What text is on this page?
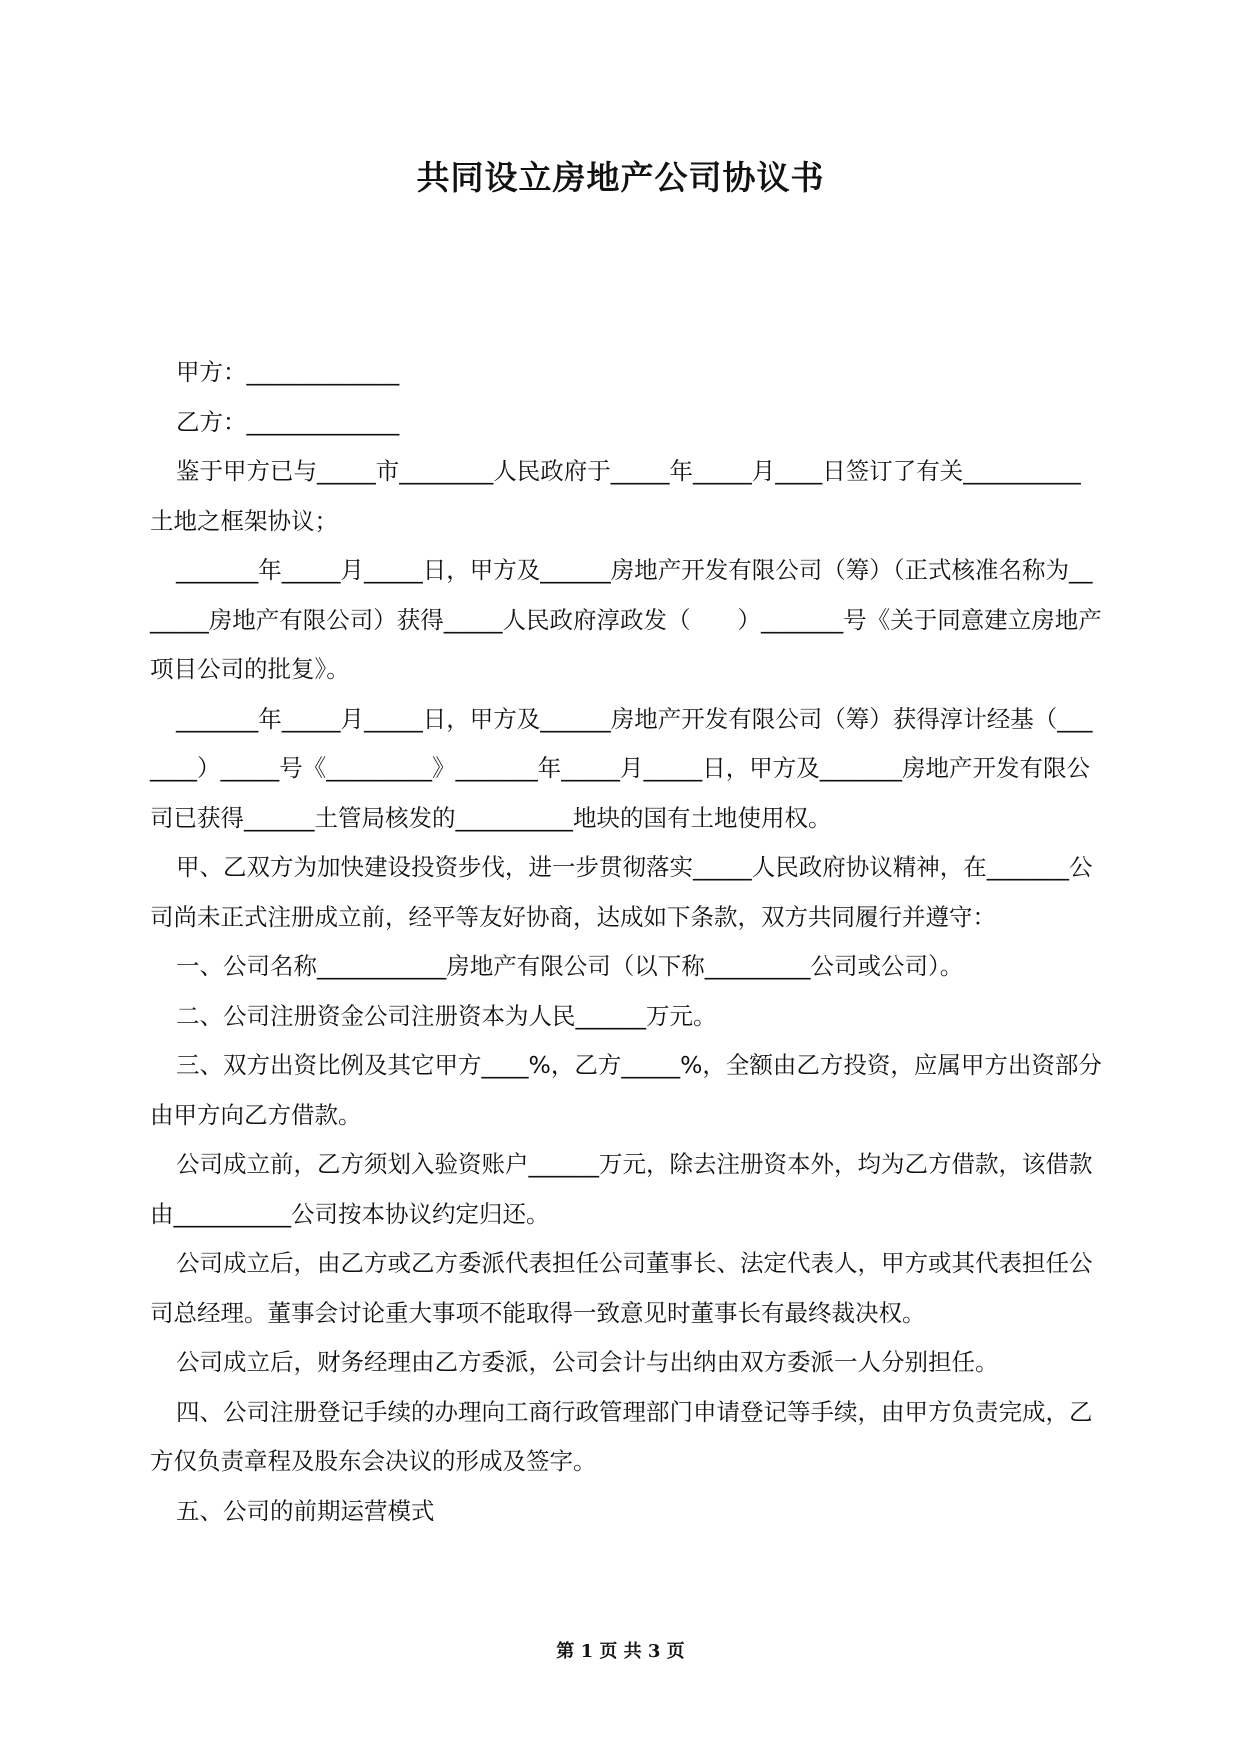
共同设立房地产公司协议书

甲方：_____________

乙方：_____________

鉴于甲方已与_____市________人民政府于_____年_____月____日签订了有关__________土地之框架协议；

_______年_____月_____日，甲方及______房地产开发有限公司（筹）（正式核准名称为_______房地产有限公司）获得_____人民政府淳政发（　　）_______号《关于同意建立房地产项目公司的批复》。

_______年_____月_____日，甲方及______房地产开发有限公司（筹）获得淳计经基（_______）_____号《_________》_______年_____月_____日，甲方及_______房地产开发有限公司已获得______土管局核发的__________地块的国有土地使用权。

甲、乙双方为加快建设投资步伐，进一步贯彻落实_____人民政府协议精神，在_______公司尚未正式注册成立前，经平等友好协商，达成如下条款，双方共同履行并遵守：

一、公司名称___________房地产有限公司（以下称_________公司或公司）。

二、公司注册资金公司注册资本为人民______万元。

三、双方出资比例及其它甲方____%，乙方_____%，全额由乙方投资，应属甲方出资部分由甲方向乙方借款。

公司成立前，乙方须划入验资账户______万元，除去注册资本外，均为乙方借款，该借款由__________公司按本协议约定归还。

公司成立后，由乙方或乙方委派代表担任公司董事长、法定代表人，甲方或其代表担任公司总经理。董事会讨论重大事项不能取得一致意见时董事长有最终裁决权。

公司成立后，财务经理由乙方委派，公司会计与出纳由双方委派一人分别担任。

四、公司注册登记手续的办理向工商行政管理部门申请登记等手续，由甲方负责完成，乙方仅负责章程及股东会决议的形成及签字。

五、公司的前期运营模式

第 1 页 共 3 页
